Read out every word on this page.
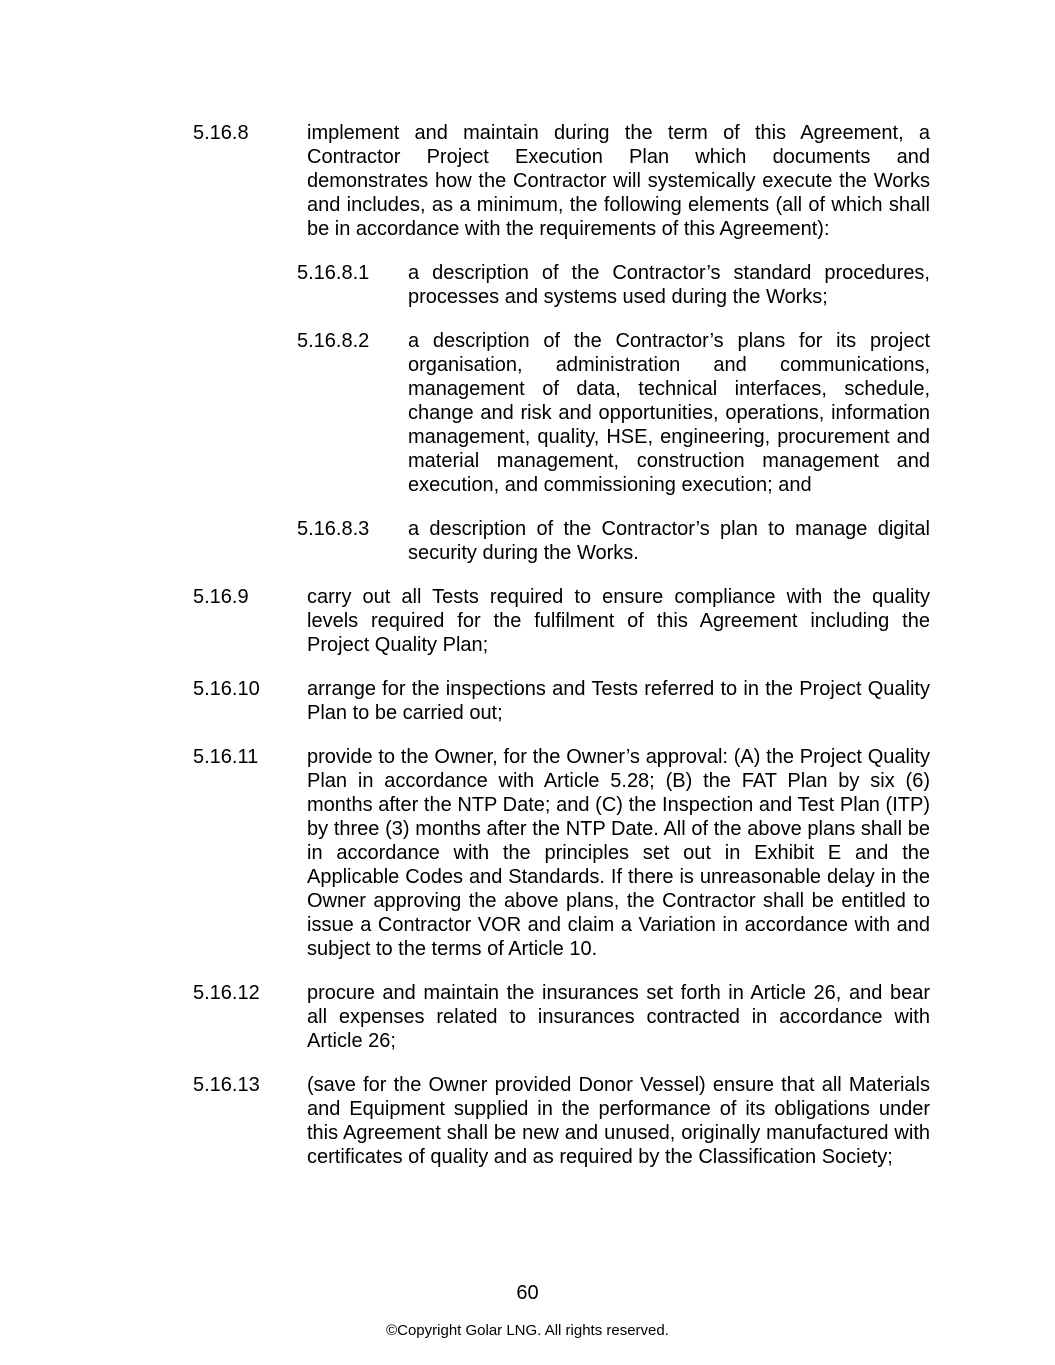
5.16.8	implement and maintain during the term of this Agreement, a Contractor Project Execution Plan which documents and demonstrates how the Contractor will systemically execute the Works and includes, as a minimum, the following elements (all of which shall be in accordance with the requirements of this Agreement):

5.16.8.1	a description of the Contractor’s standard procedures, processes and systems used during the Works;

5.16.8.2	a description of the Contractor’s plans for its project organisation, administration and communications, management of data, technical interfaces, schedule, change and risk and opportunities, operations, information management, quality, HSE, engineering, procurement and material management, construction management and execution, and commissioning execution; and

5.16.8.3	a description of the Contractor’s plan to manage digital security during the Works.

5.16.9	carry out all Tests required to ensure compliance with the quality levels required for the fulfilment of this Agreement including the Project Quality Plan;

5.16.10	arrange for the inspections and Tests referred to in the Project Quality Plan to be carried out;

5.16.11	provide to the Owner, for the Owner’s approval: (A) the Project Quality Plan in accordance with Article 5.28; (B) the FAT Plan by six (6) months after the NTP Date; and (C) the Inspection and Test Plan (ITP) by three (3) months after the NTP Date. All of the above plans shall be in accordance with the principles set out in Exhibit E and the Applicable Codes and Standards. If there is unreasonable delay in the Owner approving the above plans, the Contractor shall be entitled to issue a Contractor VOR and claim a Variation in accordance with and subject to the terms of Article 10.

5.16.12	procure and maintain the insurances set forth in Article 26, and bear all expenses related to insurances contracted in accordance with Article 26;

5.16.13	(save for the Owner provided Donor Vessel) ensure that all Materials and Equipment supplied in the performance of its obligations under this Agreement shall be new and unused, originally manufactured with certificates of quality and as required by the Classification Society;

60
©Copyright Golar LNG. All rights reserved.
